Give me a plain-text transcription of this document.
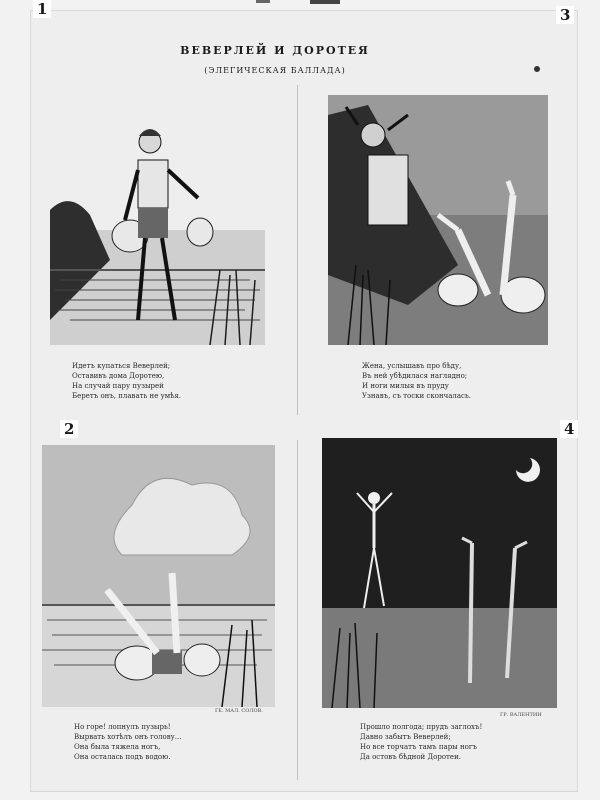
1	3
2	4
ВЕВЕРЛЕЙ И ДОРОТЕЯ
(ЭЛЕГИЧЕСКАЯ БАЛЛАДА)
Идетъ купаться Веверлей;
Оставивъ дома Доротею,
На случай пару пузырей
Беретъ онъ, плавать не умѣя.
Жена, услышавъ про бѣду,
Въ ней убѣдилася наглядно;
И ноги милыя въ пруду
Узнавъ, съ тоски скончалась.
ГЕ. МАЛ. СОЛОВ.
Но горе! лопнулъ пузырь!
Вырвать хотѣлъ онъ голову...
Она была тяжела ногъ,
Она осталась подъ водою.
ГР. ВАЛЕНТИН
Прошло полгода; прудъ заглохъ!
Давно забытъ Веверлей;
Но все торчатъ тамъ пары ногъ
Да остовъ бѣдной Доротеи.
